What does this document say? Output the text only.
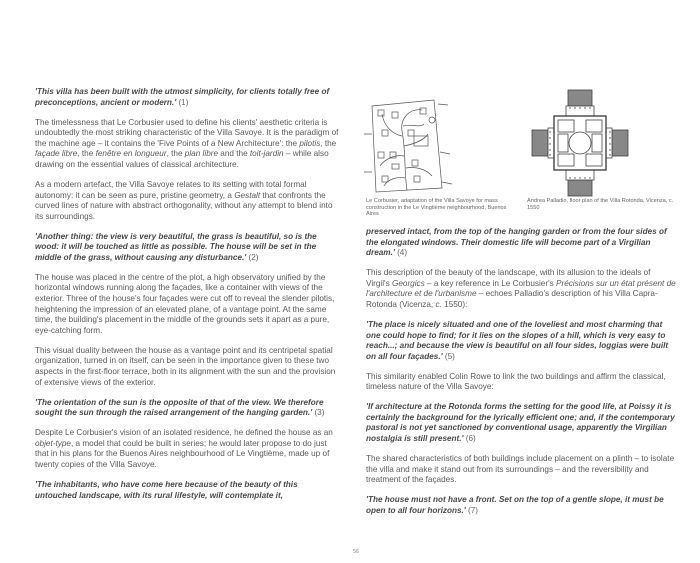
'This villa has been built with the utmost simplicity, for clients totally free of preconceptions, ancient or modern.' (1)

The timelessness that Le Corbusier used to define his clients' aesthetic criteria is undoubtedly the most striking characteristic of the Villa Savoye. It is the paradigm of the machine age – it contains the 'Five Points of a New Architecture': the pilotis, the façade libre, the fenêtre en longueur, the plan libre and the toit-jardin – while also drawing on the essential values of classical architecture.

As a modern artefact, the Villa Savoye relates to its setting with total formal autonomy: it can be seen as pure, pristine geometry, a Gestalt that confronts the curved lines of nature with abstract orthogonality, without any attempt to blend into its surroundings.

'Another thing: the view is very beautiful, the grass is beautiful, so is the wood: it will be touched as little as possible. The house will be set in the middle of the grass, without causing any disturbance.' (2)

The house was placed in the centre of the plot, a high observatory unified by the horizontal windows running along the façades, like a container with views of the exterior. Three of the house's four façades were cut off to reveal the slender pilotis, heightening the impression of an elevated plane, of a vantage point. At the same time, the building's placement in the middle of the grounds sets it apart as a pure, eye-catching form.

This visual duality between the house as a vantage point and its centripetal spatial organization, turned in on itself, can be seen in the importance given to these two aspects in the first-floor terrace, both in its alignment with the sun and the provision of extensive views of the exterior.

'The orientation of the sun is the opposite of that of the view. We therefore sought the sun through the raised arrangement of the hanging garden.' (3)

Despite Le Corbusier's vision of an isolated residence, he defined the house as an objet-type, a model that could be built in series; he would later propose to do just that in his plans for the Buenos Aires neighbourhood of Le Vingtième, made up of twenty copies of the Villa Savoye.

'The inhabitants, who have come here because of the beauty of this untouched landscape, with its rural lifestyle, will contemplate it,

Le Corbusier, adaptation of the Villa Savoye for mass construction in the Le Vingtième neighbourhood, Buenos Aires
Andrea Palladio, floor plan of the Villa Rotonda, Vicenza, c. 1550

preserved intact, from the top of the hanging garden or from the four sides of the elongated windows. Their domestic life will become part of a Virgilian dream.' (4)

This description of the beauty of the landscape, with its allusion to the ideals of Virgil's Georgics – a key reference in Le Corbusier's Précisions sur un état présent de l'architecture et de l'urbanisme – echoes Palladio's description of his Villa Capra-Rotonda (Vicenza, c. 1550):

'The place is nicely situated and one of the loveliest and most charming that one could hope to find; for it lies on the slopes of a hill, which is very easy to reach...; and because the view is beautiful on all four sides, loggias were built on all four façades.' (5)

This similarity enabled Colin Rowe to link the two buildings and affirm the classical, timeless nature of the Villa Savoye:

'If architecture at the Rotonda forms the setting for the good life, at Poissy it is certainly the background for the lyrically efficient one; and, if the contemporary pastoral is not yet sanctioned by conventional usage, apparently the Virgilian nostalgia is still present.' (6)

The shared characteristics of both buildings include placement on a plinth – to isolate the villa and make it stand out from its surroundings – and the reversibility and treatment of the façades.

'The house must not have a front. Set on the top of a gentle slope, it must be open to all four horizons.' (7)

56
